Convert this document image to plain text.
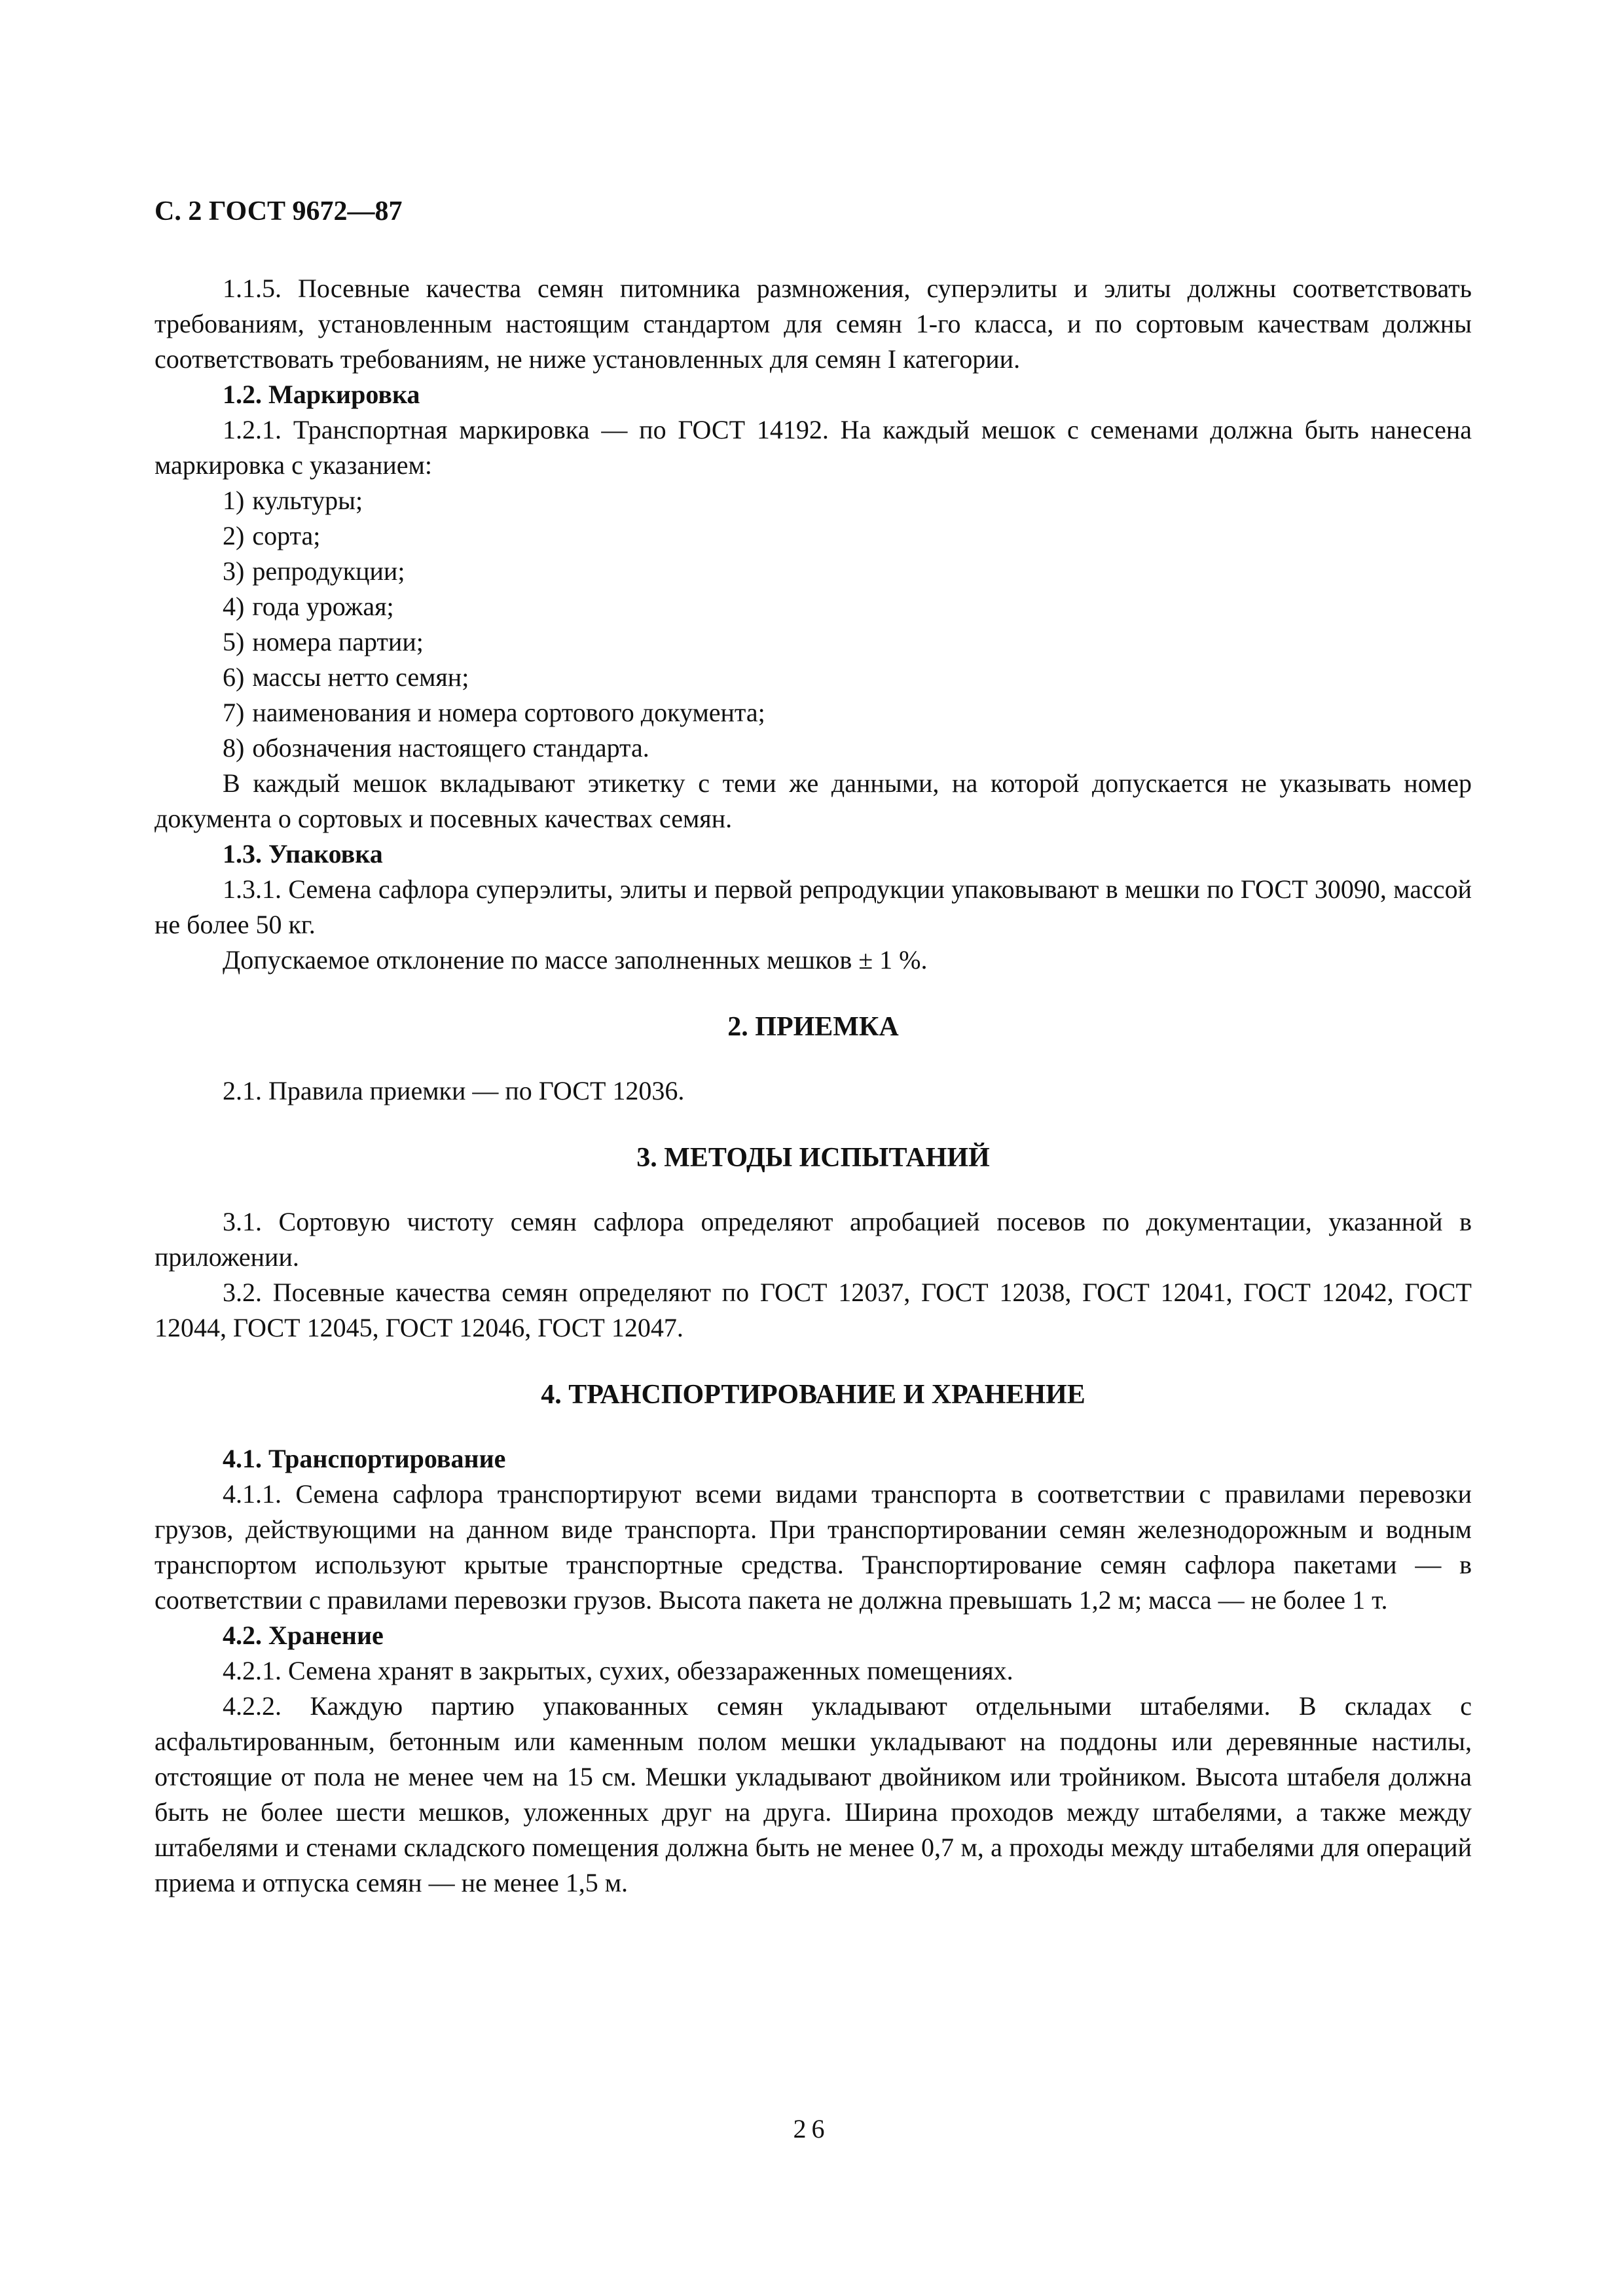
С. 2 ГОСТ 9672—87

1.1.5. Посевные качества семян питомника размножения, суперэлиты и элиты должны соответствовать требованиям, установленным настоящим стандартом для семян 1-го класса, и по сортовым качествам должны соответствовать требованиям, не ниже установленных для семян I категории.

1.2. Маркировка

1.2.1. Транспортная маркировка — по ГОСТ 14192. На каждый мешок с семенами должна быть нанесена маркировка с указанием:

1) культуры;
2) сорта;
3) репродукции;
4) года урожая;
5) номера партии;
6) массы нетто семян;
7) наименования и номера сортового документа;
8) обозначения настоящего стандарта.

В каждый мешок вкладывают этикетку с теми же данными, на которой допускается не указывать номер документа о сортовых и посевных качествах семян.

1.3. Упаковка

1.3.1. Семена сафлора суперэлиты, элиты и первой репродукции упаковывают в мешки по ГОСТ 30090, массой не более 50 кг.

Допускаемое отклонение по массе заполненных мешков ± 1 %.

2. ПРИЕМКА

2.1. Правила приемки — по ГОСТ 12036.

3. МЕТОДЫ ИСПЫТАНИЙ

3.1. Сортовую чистоту семян сафлора определяют апробацией посевов по документации, указанной в приложении.

3.2. Посевные качества семян определяют по ГОСТ 12037, ГОСТ 12038, ГОСТ 12041, ГОСТ 12042, ГОСТ 12044, ГОСТ 12045, ГОСТ 12046, ГОСТ 12047.

4. ТРАНСПОРТИРОВАНИЕ И ХРАНЕНИЕ
4.1. Транспортирование

4.1.1. Семена сафлора транспортируют всеми видами транспорта в соответствии с правилами перевозки грузов, действующими на данном виде транспорта. При транспортировании семян железнодорожным и водным транспортом используют крытые транспортные средства. Транспортирование семян сафлора пакетами — в соответствии с правилами перевозки грузов. Высота пакета не должна превышать 1,2 м; масса — не более 1 т.

4.2. Хранение

4.2.1. Семена хранят в закрытых, сухих, обеззараженных помещениях.

4.2.2. Каждую партию упакованных семян укладывают отдельными штабелями. В складах с асфальтированным, бетонным или каменным полом мешки укладывают на поддоны или деревянные настилы, отстоящие от пола не менее чем на 15 см. Мешки укладывают двойником или тройником. Высота штабеля должна быть не более шести мешков, уложенных друг на друга. Ширина проходов между штабелями, а также между штабелями и стенами складского помещения должна быть не менее 0,7 м, а проходы между штабелями для операций приема и отпуска семян — не менее 1,5 м.

26
